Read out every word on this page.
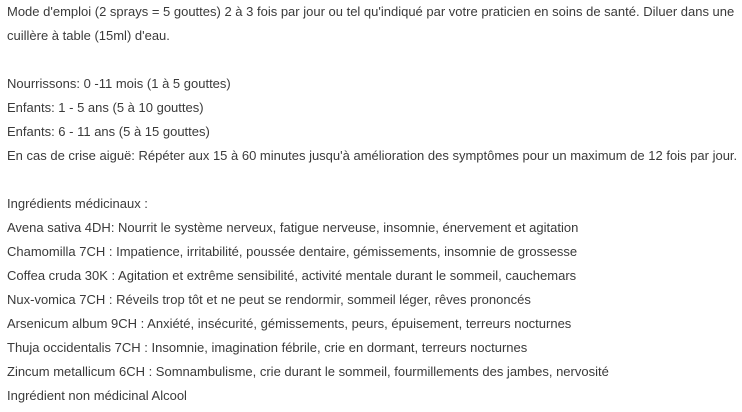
Mode d'emploi (2 sprays = 5 gouttes) 2 à 3 fois par jour ou tel qu'indiqué par votre praticien en soins de santé. Diluer dans une
cuillère à table (15ml) d'eau.
Nourrissons: 0 -11 mois (1 à 5 gouttes)
Enfants: 1 - 5 ans (5 à 10 gouttes)
Enfants: 6 - 11 ans (5 à 15 gouttes)
En cas de crise aiguë: Répéter aux 15 à 60 minutes jusqu'à amélioration des symptômes pour un maximum de 12 fois par jour.
Ingrédients médicinaux :
Avena sativa 4DH: Nourrit le système nerveux, fatigue nerveuse, insomnie, énervement et agitation
Chamomilla 7CH : Impatience, irritabilité, poussée dentaire, gémissements, insomnie de grossesse
Coffea cruda 30K : Agitation et extrême sensibilité, activité mentale durant le sommeil, cauchemars
Nux-vomica 7CH : Réveils trop tôt et ne peut se rendormir, sommeil léger, rêves prononcés
Arsenicum album 9CH : Anxiété, insécurité, gémissements, peurs, épuisement, terreurs nocturnes
Thuja occidentalis 7CH : Insomnie, imagination fébrile, crie en dormant, terreurs nocturnes
Zincum metallicum 6CH : Somnambulisme, crie durant le sommeil, fourmillements des jambes, nervosité
Ingrédient non médicinal Alcool
